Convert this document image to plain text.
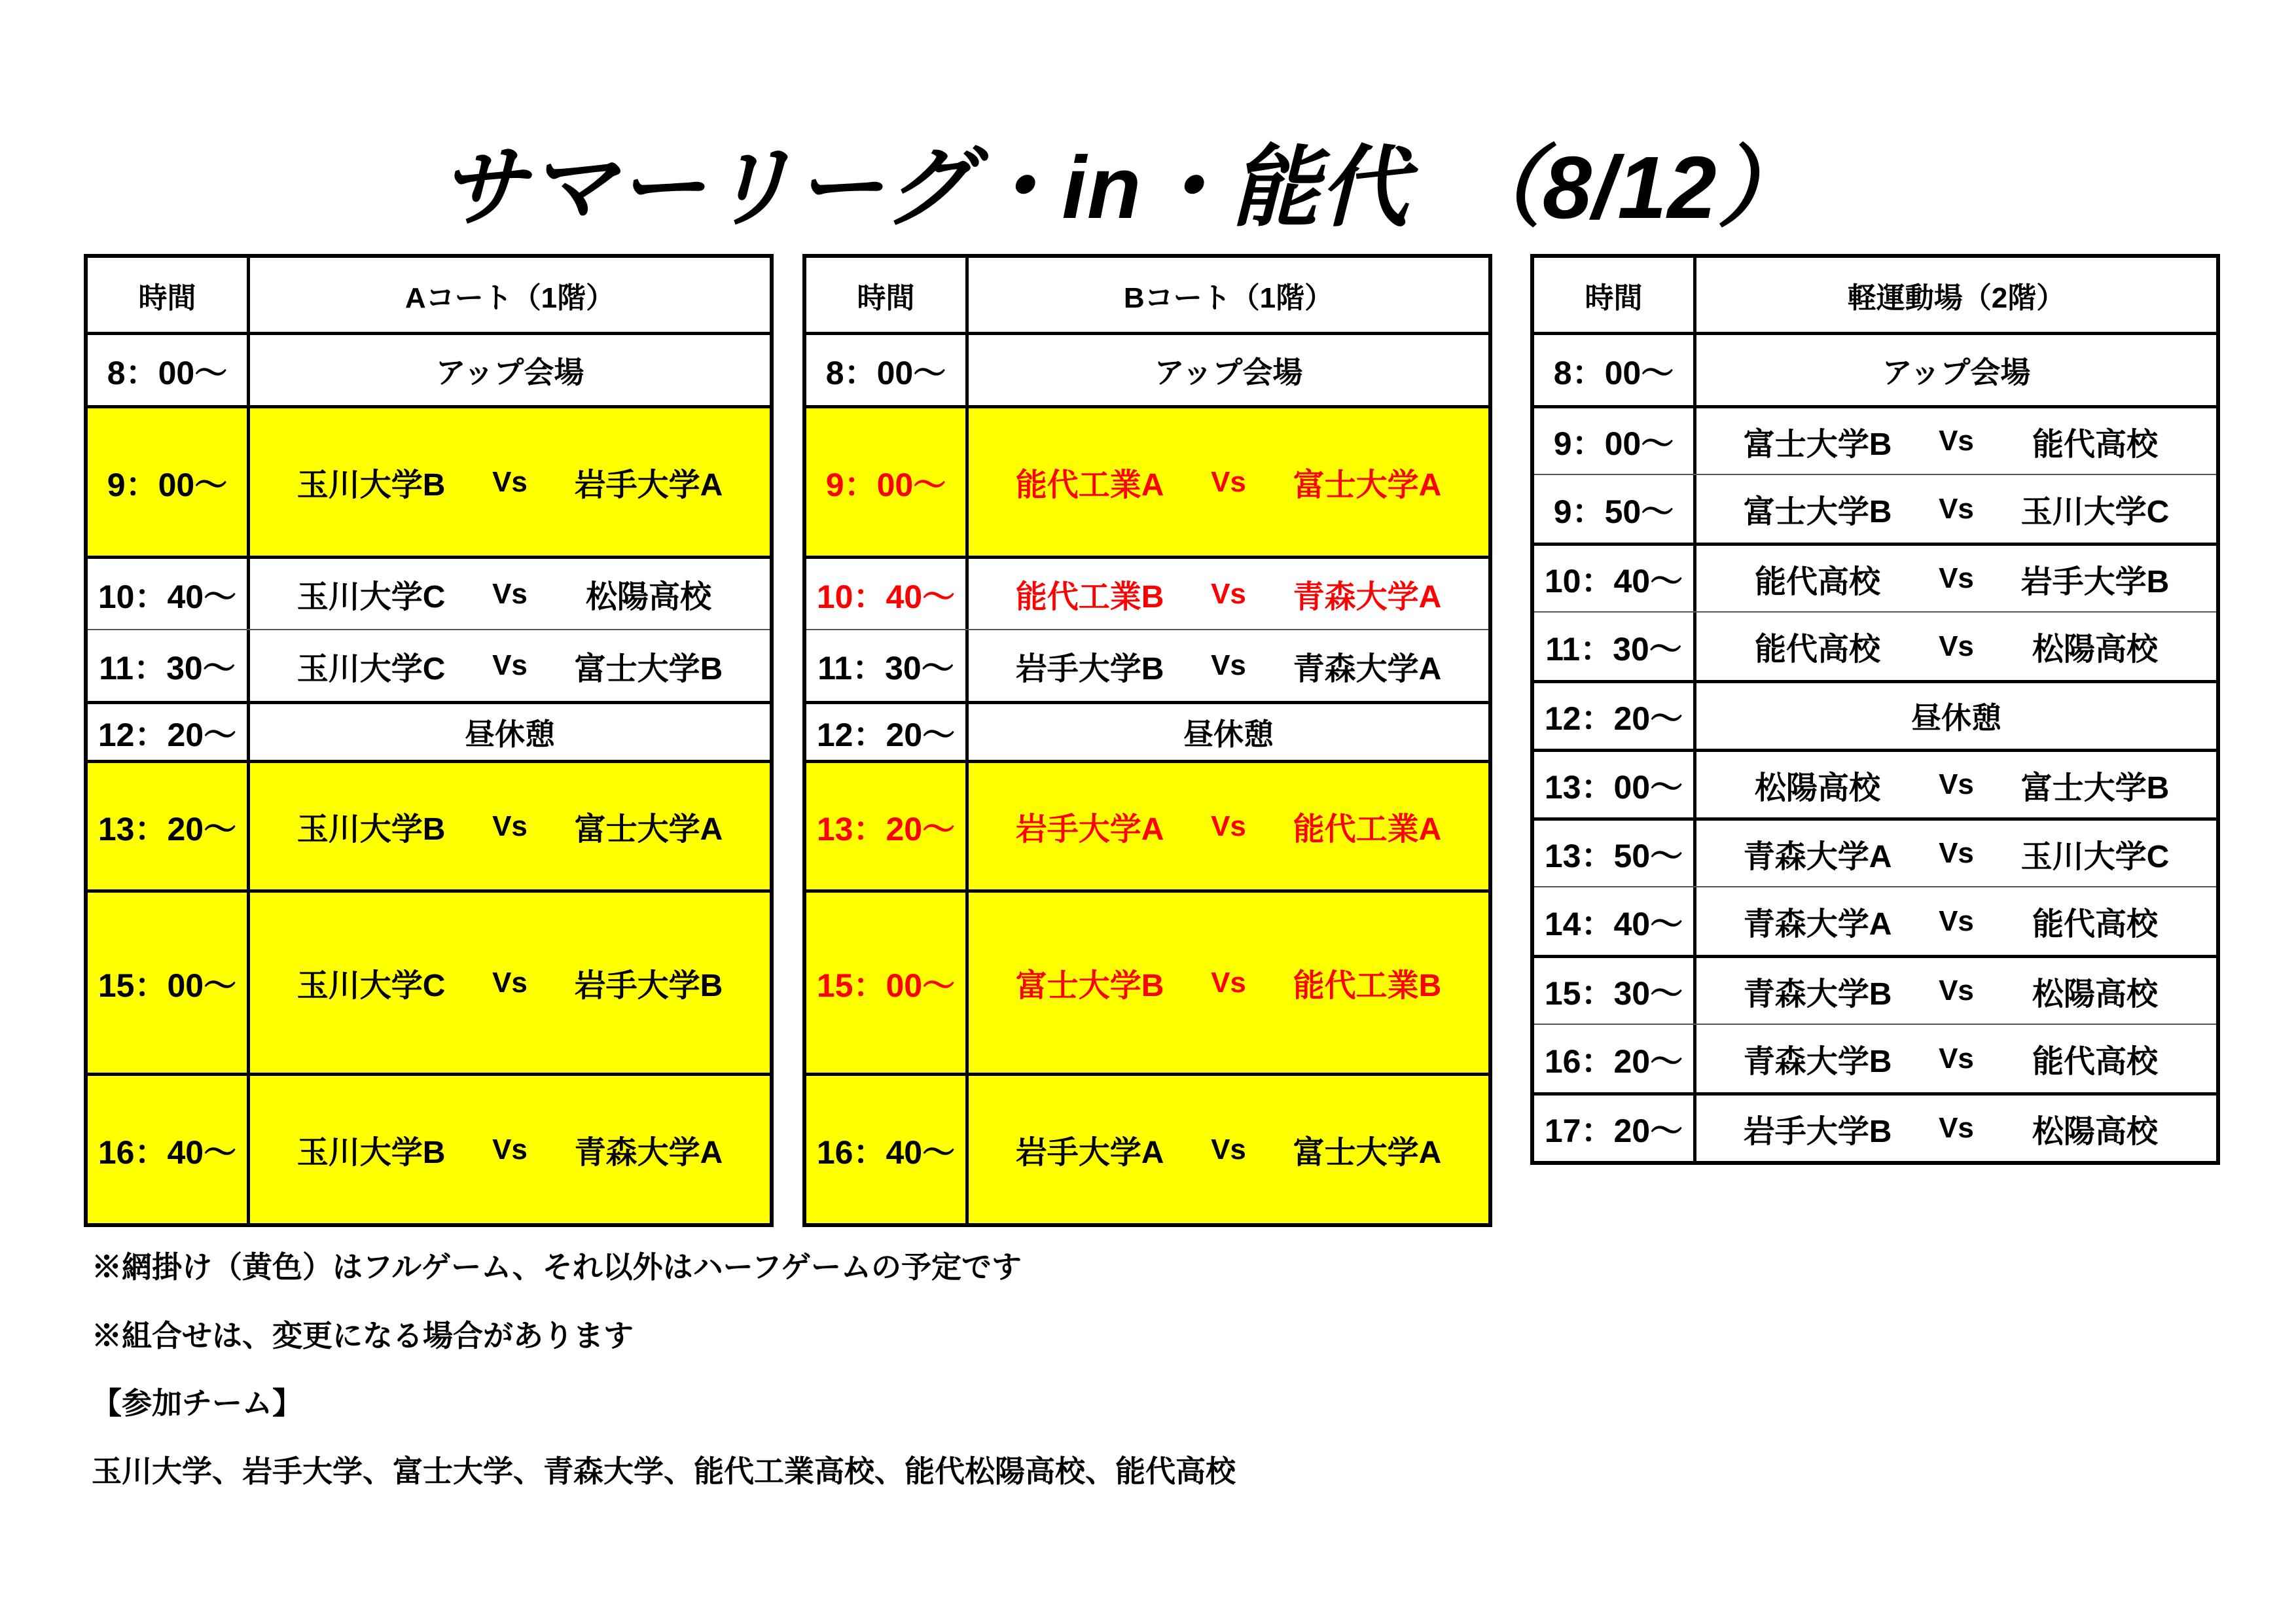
サマーリーグ・in・能代　（8/12）
時間	Aコート（1階）
8：00～	アップ会場
9：00～	玉川大学B Vs 岩手大学A
10：40～	玉川大学C Vs 松陽高校
11：30～	玉川大学C Vs 富士大学B
12：20～	昼休憩
13：20～	玉川大学B Vs 富士大学A
15：00～	玉川大学C Vs 岩手大学B
16：40～	玉川大学B Vs 青森大学A
時間	Bコート（1階）
8：00～	アップ会場
9：00～	能代工業A Vs 富士大学A
10：40～	能代工業B Vs 青森大学A
11：30～	岩手大学B Vs 青森大学A
12：20～	昼休憩
13：20～	岩手大学A Vs 能代工業A
15：00～	富士大学B Vs 能代工業B
16：40～	岩手大学A Vs 富士大学A
時間	軽運動場（2階）
8：00～	アップ会場
9：00～	富士大学B Vs 能代高校
9：50～	富士大学B Vs 玉川大学C
10：40～	能代高校 Vs 岩手大学B
11：30～	能代高校 Vs 松陽高校
12：20～	昼休憩
13：00～	松陽高校 Vs 富士大学B
13：50～	青森大学A Vs 玉川大学C
14：40～	青森大学A Vs 能代高校
15：30～	青森大学B Vs 松陽高校
16：20～	青森大学B Vs 能代高校
17：20～	岩手大学B Vs 松陽高校
※網掛け（黄色）はフルゲーム、それ以外はハーフゲームの予定です
※組合せは、変更になる場合があります
【参加チーム】
玉川大学、岩手大学、富士大学、青森大学、能代工業高校、能代松陽高校、能代高校
